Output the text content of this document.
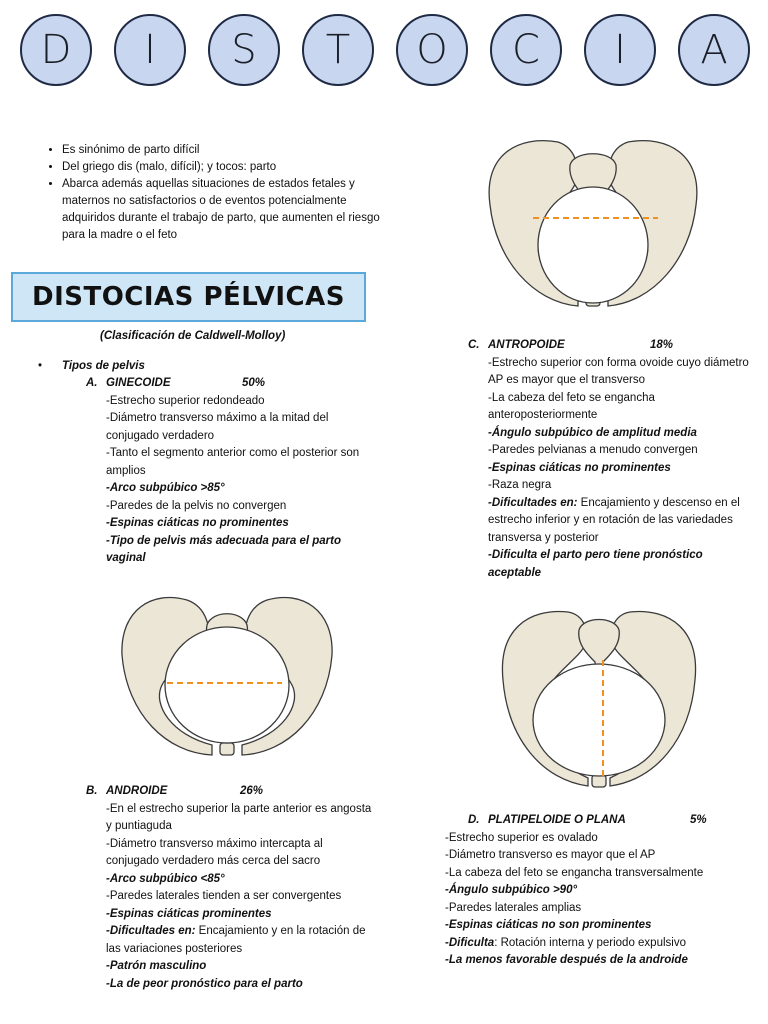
D	I	S	T	O	C	I	A
• Es sinónimo de parto difícil
• Del griego dis (malo, difícil); y tocos: parto
• Abarca además aquellas situaciones de estados fetales y maternos no satisfactorios o de eventos potencialmente adquiridos durante el trabajo de parto, que aumenten el riesgo para la madre o el feto
DISTOCIAS PÉLVICAS
(Clasificación de Caldwell-Molloy)
• Tipos de pelvis
A. GINECOIDE	50%

-Estrecho superior redondeado

-Diámetro transverso máximo a la mitad del

conjugado verdadero

-Tanto el segmento anterior como el posterior son

amplios

-Arco subpúbico >85°

-Paredes de la pelvis no convergen

-Espinas ciáticas no prominentes

-Tipo de pelvis más adecuada para el parto

vaginal

B. ANDROIDE	26%

-En el estrecho superior la parte anterior es angosta

y puntiaguda

-Diámetro transverso máximo intercapta al

conjugado verdadero más cerca del sacro

-Arco subpúbico <85°

-Paredes laterales tienden a ser convergentes

-Espinas ciáticas prominentes

-Dificultades en: Encajamiento y en la rotación de

las variaciones posteriores

-Patrón masculino

-La de peor pronóstico para el parto

C. ANTROPOIDE	18%

-Estrecho superior con forma ovoide cuyo diámetro

AP es mayor que el transverso

-La cabeza del feto se engancha

anteroposteriormente

-Ángulo subpúbico de amplitud media

-Paredes pelvianas a menudo convergen

-Espinas ciáticas no prominentes

-Raza negra

-Dificultades en: Encajamiento y descenso en el

estrecho inferior y en rotación de las variedades

transversa y posterior

-Dificulta el parto pero tiene pronóstico

aceptable

D. PLATIPELOIDE O PLANA	5%

-Estrecho superior es ovalado

-Diámetro transverso es mayor que el AP

-La cabeza del feto se engancha transversalmente

-Ángulo subpúbico >90°

-Paredes laterales amplias

-Espinas ciáticas no son prominentes

-Dificulta: Rotación interna y periodo expulsivo

-La menos favorable después de la androide
